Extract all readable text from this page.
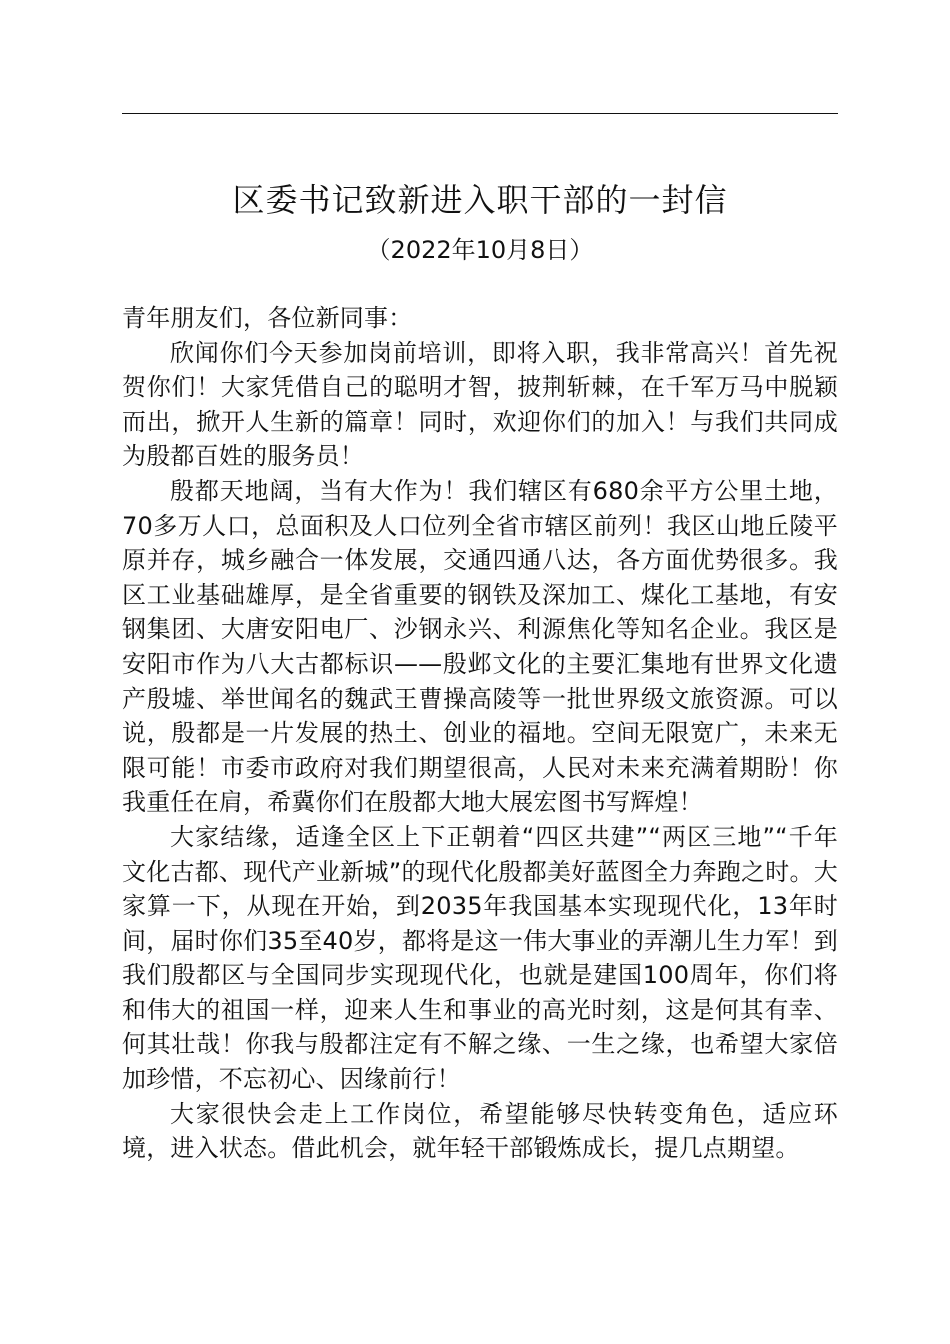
区委书记致新进入职干部的一封信

（2022年10月8日）

青年朋友们，各位新同事：

欣闻你们今天参加岗前培训，即将入职，我非常高兴！首先祝贺你们！大家凭借自己的聪明才智，披荆斩棘，在千军万马中脱颖而出，掀开人生新的篇章！同时，欢迎你们的加入！与我们共同成为殷都百姓的服务员！

殷都天地阔，当有大作为！我们辖区有680余平方公里土地，70多万人口，总面积及人口位列全省市辖区前列！我区山地丘陵平原并存，城乡融合一体发展，交通四通八达，各方面优势很多。我区工业基础雄厚，是全省重要的钢铁及深加工、煤化工基地，有安钢集团、大唐安阳电厂、沙钢永兴、利源焦化等知名企业。我区是安阳市作为八大古都标识——殷邺文化的主要汇集地有世界文化遗产殷墟、举世闻名的魏武王曹操高陵等一批世界级文旅资源。可以说，殷都是一片发展的热土、创业的福地。空间无限宽广，未来无限可能！市委市政府对我们期望很高，人民对未来充满着期盼！你我重任在肩，希冀你们在殷都大地大展宏图书写辉煌！

大家结缘，适逢全区上下正朝着“四区共建”“两区三地”“千年文化古都、现代产业新城”的现代化殷都美好蓝图全力奔跑之时。大家算一下，从现在开始，到2035年我国基本实现现代化，13年时间，届时你们35至40岁，都将是这一伟大事业的弄潮儿生力军！到我们殷都区与全国同步实现现代化，也就是建国100周年，你们将和伟大的祖国一样，迎来人生和事业的高光时刻，这是何其有幸、何其壮哉！你我与殷都注定有不解之缘、一生之缘，也希望大家倍加珍惜，不忘初心、因缘前行！

大家很快会走上工作岗位，希望能够尽快转变角色，适应环境，进入状态。借此机会，就年轻干部锻炼成长，提几点期望。
